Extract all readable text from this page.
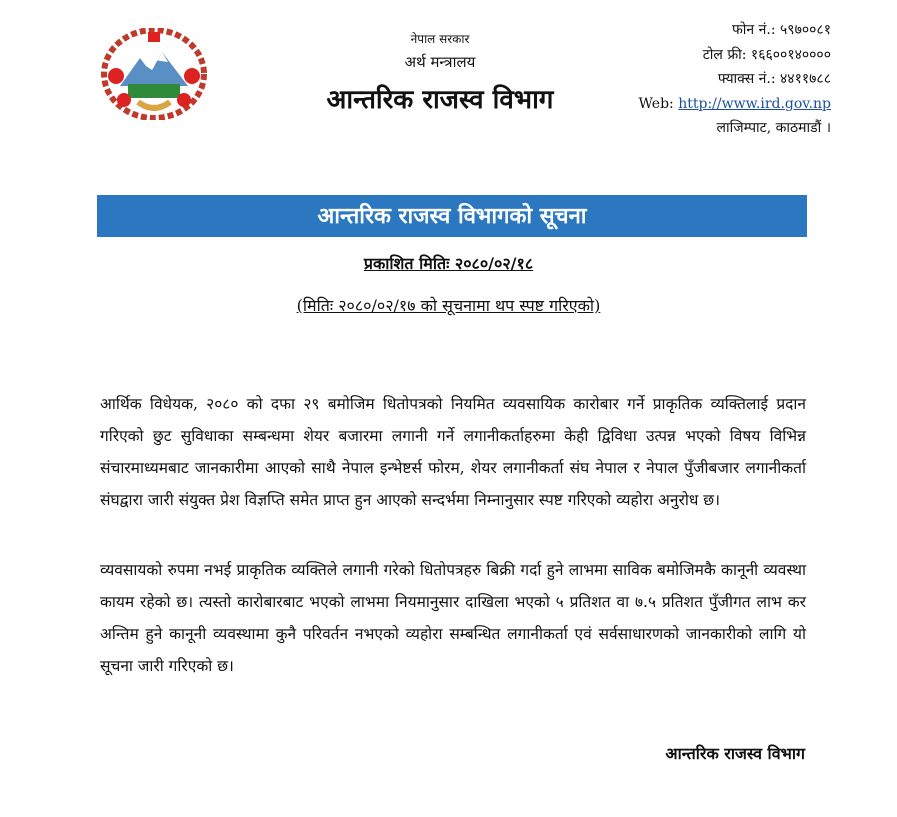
नेपाल सरकार
अर्थ मन्त्रालय
आन्तरिक राजस्व विभाग
फोन नं.: ५९७००८१
टोल फ्री: १६६००१४००००
फ्याक्स नं.: ४४११७८८
Web: http://www.ird.gov.np
लाजिम्पाट, काठमाडौं ।
आन्तरिक राजस्व विभागको सूचना
प्रकाशित मितिः २०८०/०२/१८
(मितिः २०८०/०२/१७ को सूचनामा थप स्पष्ट गरिएको)

आर्थिक विधेयक, २०८० को दफा २९ बमोजिम धितोपत्रको नियमित व्यवसायिक कारोबार गर्ने प्राकृतिक व्यक्तिलाई प्रदान गरिएको छुट सुविधाका सम्बन्धमा शेयर बजारमा लगानी गर्ने लगानीकर्ताहरुमा केही द्विविधा उत्पन्न भएको विषय विभिन्न संचारमाध्यमबाट जानकारीमा आएको साथै नेपाल इन्भेष्टर्स फोरम, शेयर लगानीकर्ता संघ नेपाल र नेपाल पुँजीबजार लगानीकर्ता संघद्वारा जारी संयुक्त प्रेश विज्ञप्ति समेत प्राप्त हुन आएको सन्दर्भमा निम्नानुसार स्पष्ट गरिएको व्यहोरा अनुरोध छ।

व्यवसायको रुपमा नभई प्राकृतिक व्यक्तिले लगानी गरेको धितोपत्रहरु बिक्री गर्दा हुने लाभमा साविक बमोजिमकै कानूनी व्यवस्था कायम रहेको छ। त्यस्तो कारोबारबाट भएको लाभमा नियमानुसार दाखिला भएको ५ प्रतिशत वा ७.५ प्रतिशत पुँजीगत लाभ कर अन्तिम हुने कानूनी व्यवस्थामा कुनै परिवर्तन नभएको व्यहोरा सम्बन्धित लगानीकर्ता एवं सर्वसाधारणको जानकारीको लागि यो सूचना जारी गरिएको छ।

आन्तरिक राजस्व विभाग
